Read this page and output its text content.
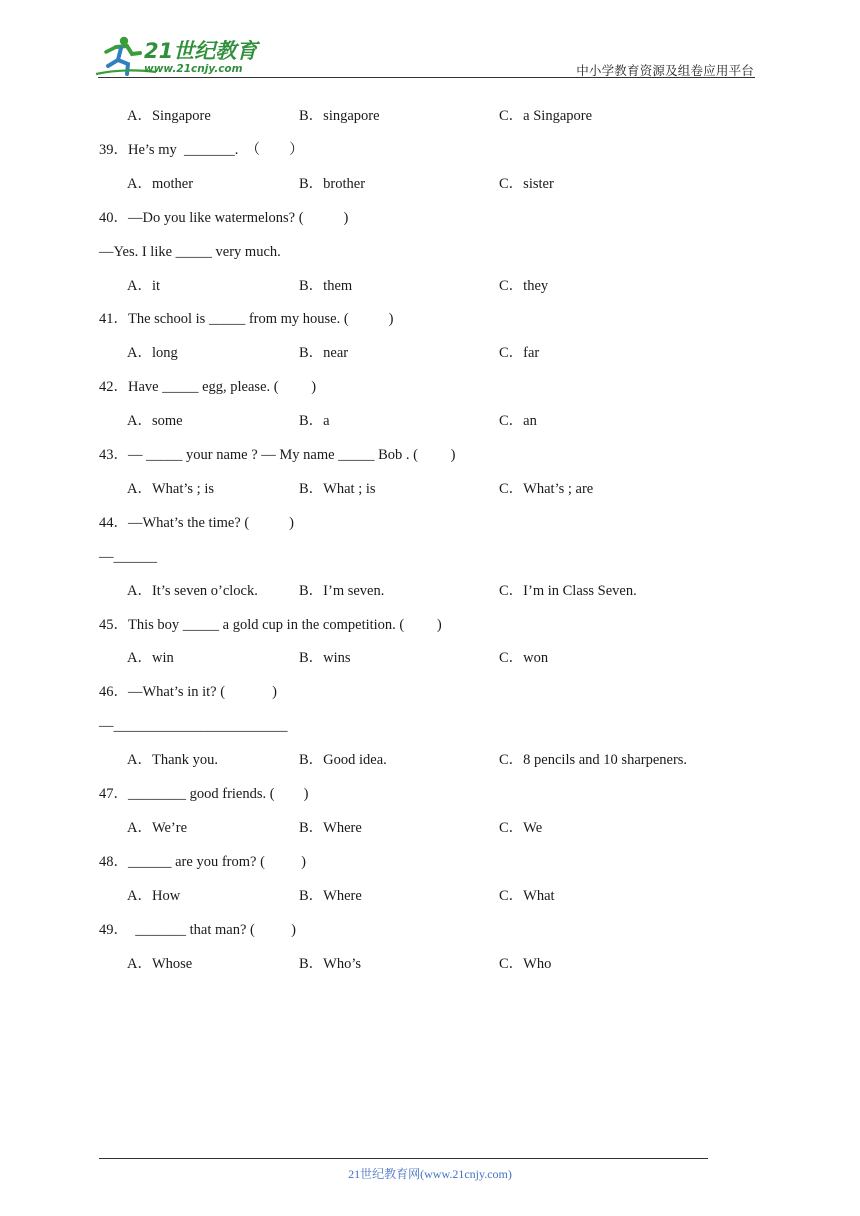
21世纪教育
www.21cnjy.com	中小学教育资源及组卷应用平台
A．Singapore	B．singapore	C．a Singapore
39．He’s my  _______.  （        ）
A．mother	B．brother	C．sister
40．—Do you like watermelons? (           )
—Yes. I like _____ very much.
A．it	B．them	C．they
41．The school is _____ from my house. (           )
A．long	B．near	C．far
42．Have _____ egg, please. (         )
A．some	B．a	C．an
43．— _____ your name ? — My name _____ Bob . (         )
A．What’s ; is	B．What ; is	C．What’s ; are
44．—What’s the time? (           )
—______
A．It’s seven o’clock.	B．I’m seven.	C．I’m in Class Seven.
45．This boy _____ a gold cup in the competition. (         )
A．win	B．wins	C．won
46．—What’s in it? (             )
—________________________
A．Thank you.	B．Good idea.	C．8 pencils and 10 sharpeners.
47．________ good friends. (        )
A．We’re	B．Where	C．We
48．______ are you from? (          )
A．How	B．Where	C．What
49．  _______ that man? (          )
A．Whose	B．Who’s	C．Who
21世纪教育网(www.21cnjy.com)
